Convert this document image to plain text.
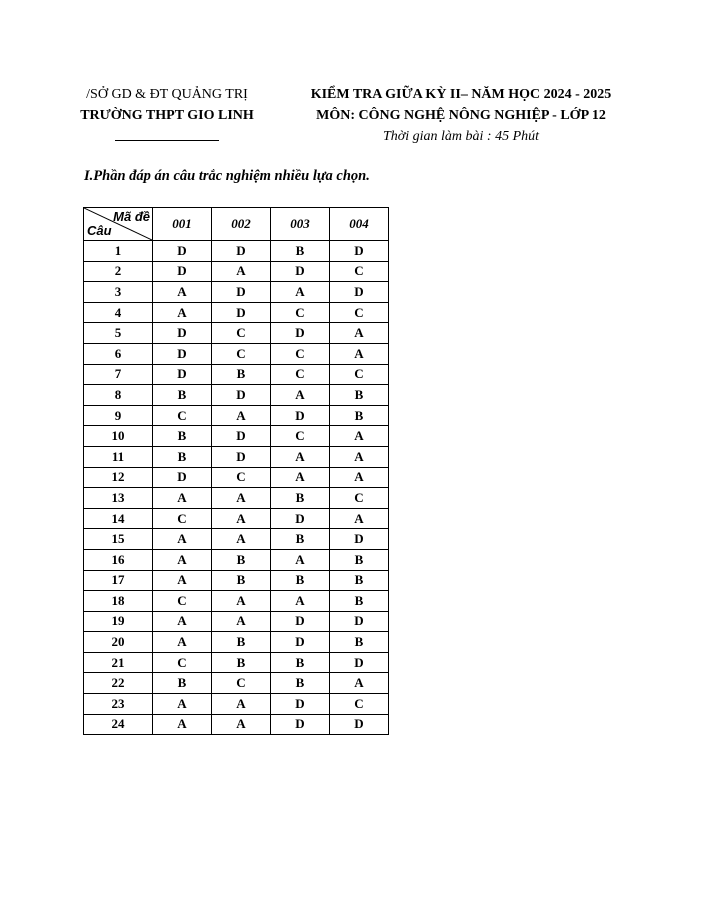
/SỞ GD & ĐT QUẢNG TRỊ
TRƯỜNG THPT GIO LINH
KIỂM TRA GIỮA KỲ II– NĂM HỌC 2024 - 2025
MÔN: CÔNG NGHỆ NÔNG NGHIỆP - LỚP 12
Thời gian làm bài : 45 Phút
I.Phần đáp án câu trắc nghiệm nhiều lựa chọn.
Mã đề
Câu	001	002	003	004
1	D	D	B	D
2	D	A	D	C
3	A	D	A	D
4	A	D	C	C
5	D	C	D	A
6	D	C	C	A
7	D	B	C	C
8	B	D	A	B
9	C	A	D	B
10	B	D	C	A
11	B	D	A	A
12	D	C	A	A
13	A	A	B	C
14	C	A	D	A
15	A	A	B	D
16	A	B	A	B
17	A	B	B	B
18	C	A	A	B
19	A	A	D	D
20	A	B	D	B
21	C	B	B	D
22	B	C	B	A
23	A	A	D	C
24	A	A	D	D
